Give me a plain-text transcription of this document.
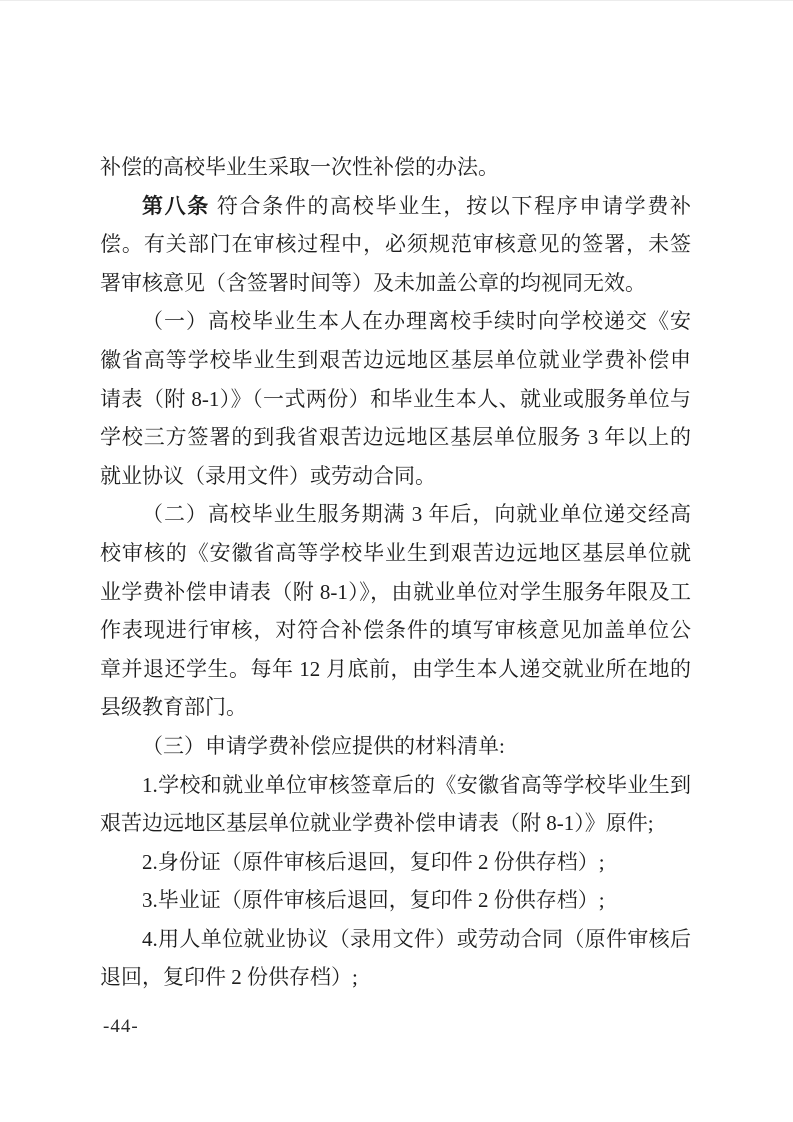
补偿的高校毕业生采取一次性补偿的办法。
第八条 符合条件的高校毕业生，按以下程序申请学费补
偿。有关部门在审核过程中，必须规范审核意见的签署，未签
署审核意见（含签署时间等）及未加盖公章的均视同无效。
（一）高校毕业生本人在办理离校手续时向学校递交《安
徽省高等学校毕业生到艰苦边远地区基层单位就业学费补偿申
请表（附 8-1）》（一式两份）和毕业生本人、就业或服务单位与
学校三方签署的到我省艰苦边远地区基层单位服务 3 年以上的
就业协议（录用文件）或劳动合同。
（二）高校毕业生服务期满 3 年后，向就业单位递交经高
校审核的《安徽省高等学校毕业生到艰苦边远地区基层单位就
业学费补偿申请表（附 8-1）》，由就业单位对学生服务年限及工
作表现进行审核，对符合补偿条件的填写审核意见加盖单位公
章并退还学生。每年 12 月底前，由学生本人递交就业所在地的
县级教育部门。
（三）申请学费补偿应提供的材料清单:
1.学校和就业单位审核签章后的《安徽省高等学校毕业生到
艰苦边远地区基层单位就业学费补偿申请表（附 8-1）》原件;
2.身份证（原件审核后退回，复印件 2 份供存档）;
3.毕业证（原件审核后退回，复印件 2 份供存档）;
4.用人单位就业协议（录用文件）或劳动合同（原件审核后
退回，复印件 2 份供存档）;
-44-
